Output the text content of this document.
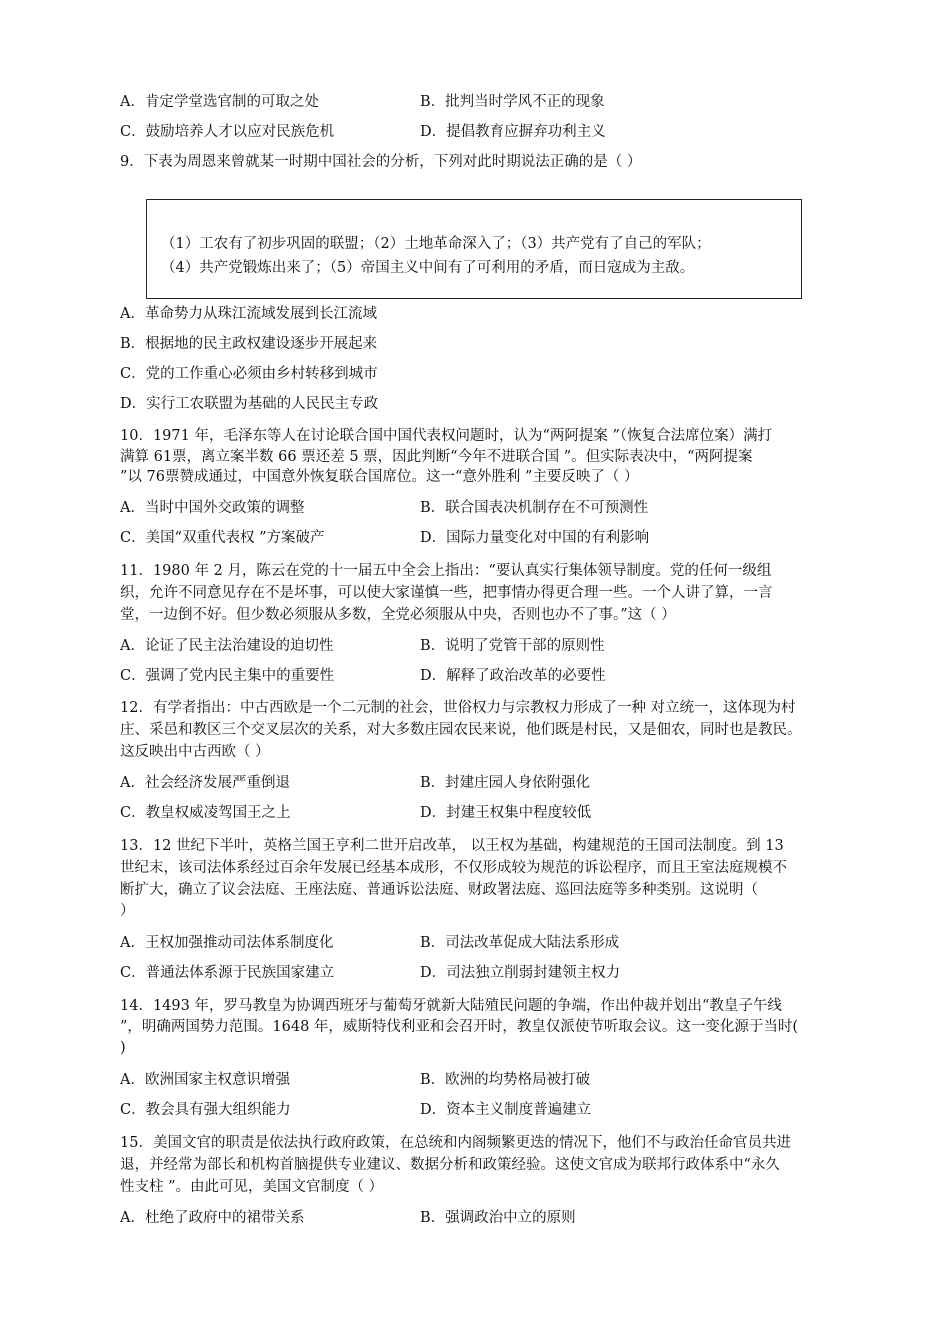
A．肯定学堂选官制的可取之处	B．批判当时学风不正的现象
C．鼓励培养人才以应对民族危机	D．提倡教育应摒弃功利主义
9．下表为周恩来曾就某一时期中国社会的分析，下列对此时期说法正确的是（ ）
（1）工农有了初步巩固的联盟；（2）土地革命深入了；（3）共产党有了自己的军队；
（4）共产党锻炼出来了；（5）帝国主义中间有了可利用的矛盾，而日寇成为主敌。
A．革命势力从珠江流域发展到长江流域
B．根据地的民主政权建设逐步开展起来
C．党的工作重心必须由乡村转移到城市
D．实行工农联盟为基础的人民民主专政
10．1971 年，毛泽东等人在讨论联合国中国代表权问题时，认为“两阿提案 ”（恢复合法席位案）满打
满算 61票，离立案半数 66 票还差 5 票，因此判断“今年不进联合国 ”。但实际表决中，“两阿提案
”以 76票赞成通过，中国意外恢复联合国席位。这一“意外胜利 ”主要反映了（ ）
A．当时中国外交政策的调整	B．联合国表决机制存在不可预测性
C．美国“双重代表权 ”方案破产	D．国际力量变化对中国的有利影响
11．1980 年 2 月，陈云在党的十一届五中全会上指出：“要认真实行集体领导制度。党的任何一级组
织，允许不同意见存在不是坏事，可以使大家谨慎一些，把事情办得更合理一些。一个人讲了算，一言
堂，一边倒不好。但少数必须服从多数，全党必须服从中央，否则也办不了事。”这（ ）
A．论证了民主法治建设的迫切性	B．说明了党管干部的原则性
C．强调了党内民主集中的重要性	D．解释了政治改革的必要性
12．有学者指出：中古西欧是一个二元制的社会，世俗权力与宗教权力形成了一种 对立统一，这体现为村
庄、采邑和教区三个交叉层次的关系，对大多数庄园农民来说，他们既是村民，又是佃农，同时也是教民。
这反映出中古西欧（ ）
A．社会经济发展严重倒退	B．封建庄园人身依附强化
C．教皇权威凌驾国王之上	D．封建王权集中程度较低
13．12 世纪下半叶，英格兰国王亨利二世开启改革， 以王权为基础，构建规范的王国司法制度。到 13
世纪末，该司法体系经过百余年发展已经基本成形，不仅形成较为规范的诉讼程序，而且王室法庭规模不
断扩大，确立了议会法庭、王座法庭、普通诉讼法庭、财政署法庭、巡回法庭等多种类别。这说明（
）
A．王权加强推动司法体系制度化	B．司法改革促成大陆法系形成
C．普通法体系源于民族国家建立	D．司法独立削弱封建领主权力
14．1493 年，罗马教皇为协调西班牙与葡萄牙就新大陆殖民问题的争端，作出仲裁并划出“教皇子午线
”，明确两国势力范围。1648 年，威斯特伐利亚和会召开时，教皇仅派使节听取会议。这一变化源于当时(
)
A．欧洲国家主权意识增强	B．欧洲的均势格局被打破
C．教会具有强大组织能力	D．资本主义制度普遍建立
15．美国文官的职责是依法执行政府政策，在总统和内阁频繁更迭的情况下，他们不与政治任命官员共进
退，并经常为部长和机构首脑提供专业建议、数据分析和政策经验。这使文官成为联邦行政体系中“永久
性支柱 ”。由此可见，美国文官制度（ ）
A．杜绝了政府中的裙带关系	B．强调政治中立的原则
